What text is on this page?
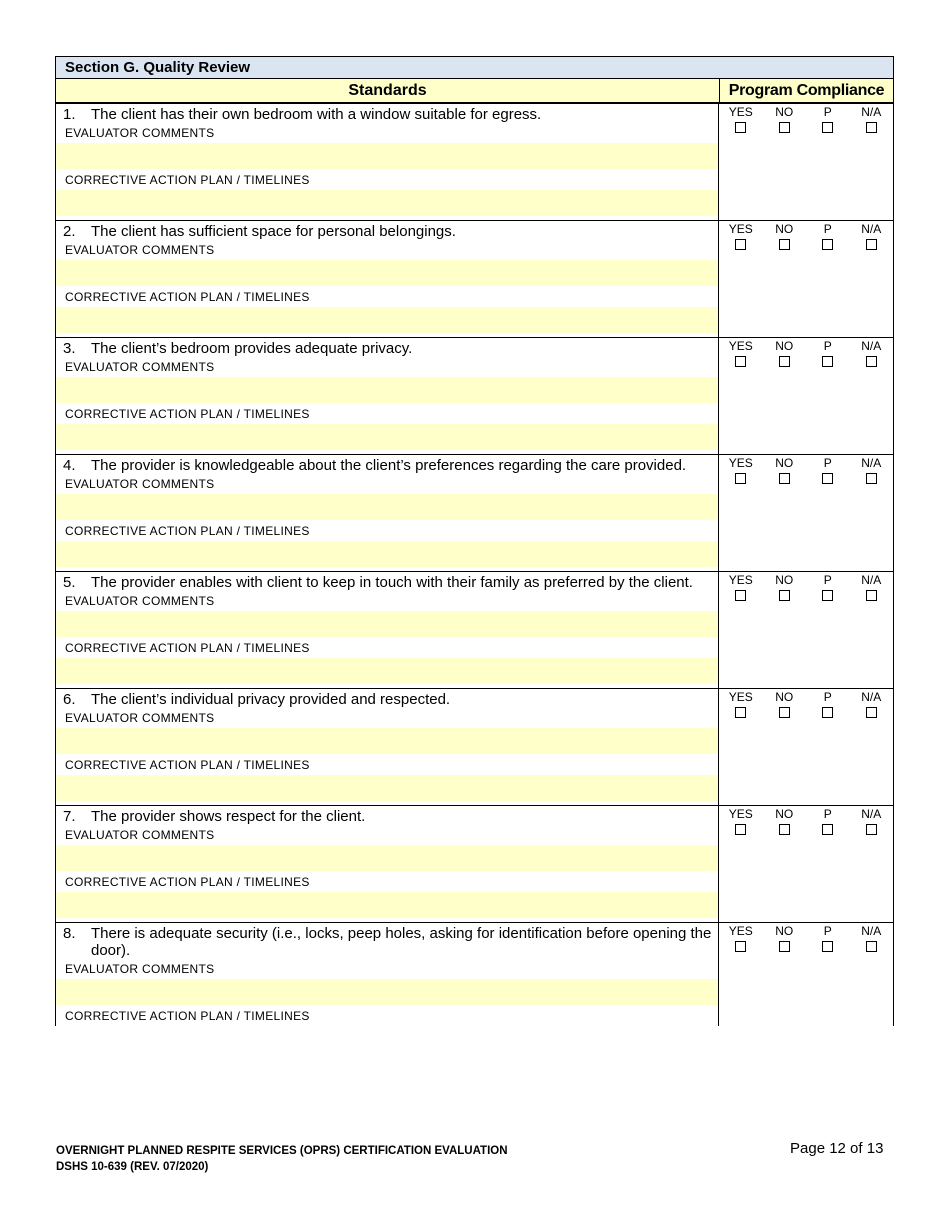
Section G. Quality Review
Standards	Program Compliance
1.	The client has their own bedroom with a window suitable for egress.
EVALUATOR COMMENTS
CORRECTIVE ACTION PLAN / TIMELINES
YES	NO	P	N/A
2.	The client has sufficient space for personal belongings.
EVALUATOR COMMENTS
CORRECTIVE ACTION PLAN / TIMELINES
YES	NO	P	N/A
3.	The client’s bedroom provides adequate privacy.
EVALUATOR COMMENTS
CORRECTIVE ACTION PLAN / TIMELINES
YES	NO	P	N/A
4.	The provider is knowledgeable about the client’s preferences regarding the care provided.
EVALUATOR COMMENTS
CORRECTIVE ACTION PLAN / TIMELINES
YES	NO	P	N/A
5.	The provider enables with client to keep in touch with their family as preferred by the client.
EVALUATOR COMMENTS
CORRECTIVE ACTION PLAN / TIMELINES
YES	NO	P	N/A
6.	The client’s individual privacy provided and respected.
EVALUATOR COMMENTS
CORRECTIVE ACTION PLAN / TIMELINES
YES	NO	P	N/A
7.	The provider shows respect for the client.
EVALUATOR COMMENTS
CORRECTIVE ACTION PLAN / TIMELINES
YES	NO	P	N/A
8.	There is adequate security (i.e., locks, peep holes, asking for identification before opening the door).
EVALUATOR COMMENTS
CORRECTIVE ACTION PLAN / TIMELINES
YES	NO	P	N/A
OVERNIGHT PLANNED RESPITE SERVICES (OPRS) CERTIFICATION EVALUATION
DSHS 10-639 (REV. 07/2020)
Page 12 of 13
